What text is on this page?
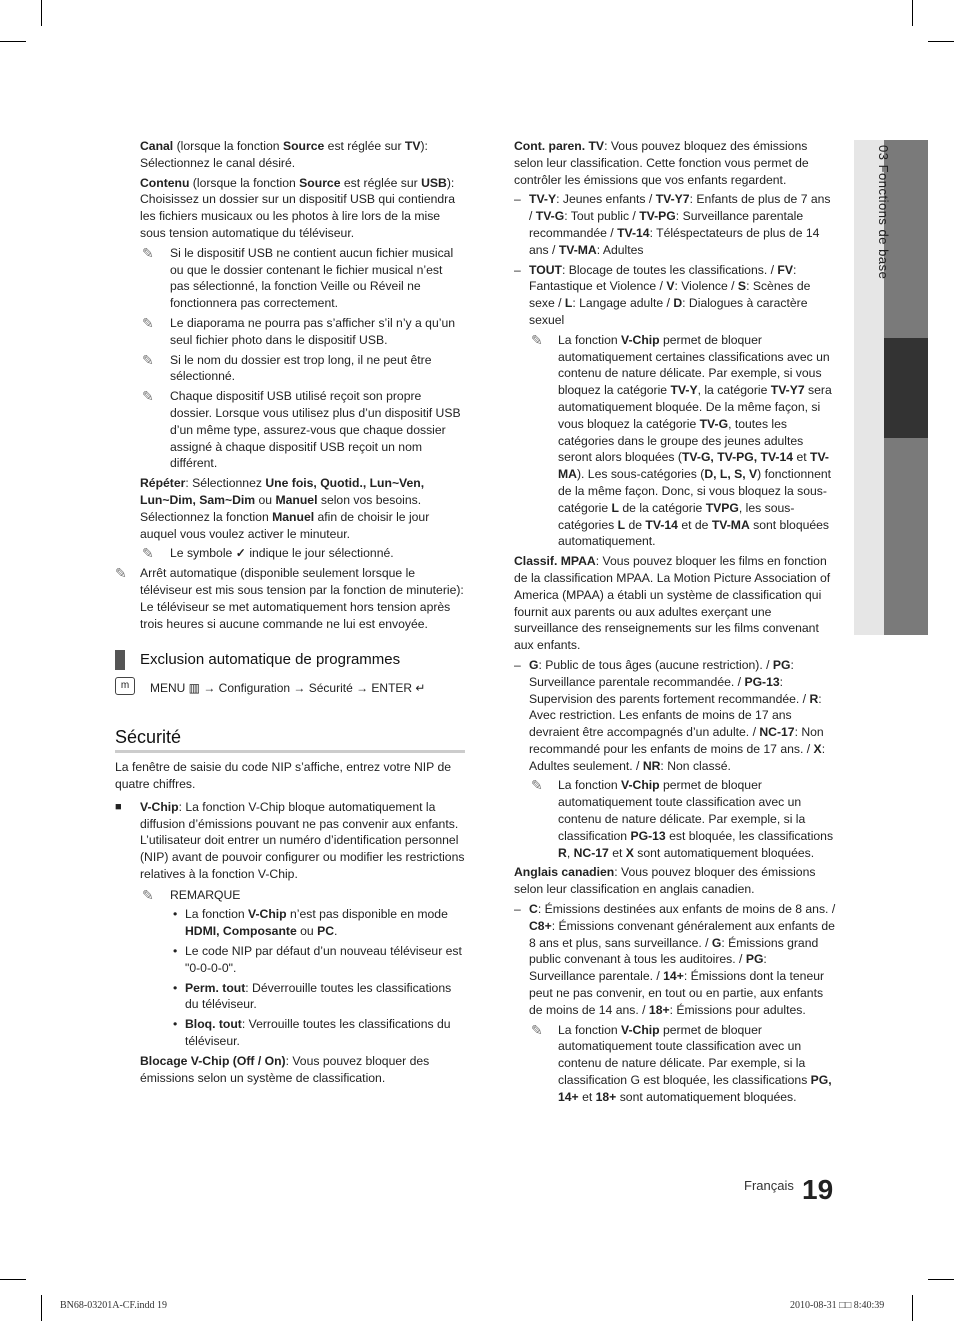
03 Fonctions de base

Canal (lorsque la fonction Source est réglée sur TV): Sélectionnez le canal désiré.

Contenu (lorsque la fonction Source est réglée sur USB): Choisissez un dossier sur un dispositif USB qui contiendra les fichiers musicaux ou les photos à lire lors de la mise sous tension automatique du téléviseur.

✎ Si le dispositif USB ne contient aucun fichier musical ou que le dossier contenant le fichier musical n’est pas sélectionné, la fonction Veille ou Réveil ne fonctionnera pas correctement.
✎ Le diaporama ne pourra pas s’afficher s’il n’y a qu’un seul fichier photo dans le dispositif USB.
✎ Si le nom du dossier est trop long, il ne peut être sélectionné.
✎ Chaque dispositif USB utilisé reçoit son propre dossier. Lorsque vous utilisez plus d’un dispositif USB d’un même type, assurez-vous que chaque dossier assigné à chaque dispositif USB reçoit un nom différent.

Répéter: Sélectionnez Une fois, Quotid., Lun~Ven, Lun~Dim, Sam~Dim ou Manuel selon vos besoins. Sélectionnez la fonction Manuel afin de choisir le jour auquel vous voulez activer le minuteur.

✎ Le symbole ✓ indique le jour sélectionné.
✎ Arrêt automatique (disponible seulement lorsque le téléviseur est mis sous tension par la fonction de minuterie): Le téléviseur se met automatiquement hors tension après trois heures si aucune commande ne lui est envoyée.
Exclusion automatique de programmes
m	MENU ▥ → Configuration → Sécurité → ENTER ↵
Sécurité

La fenêtre de saisie du code NIP s’affiche, entrez votre NIP de quatre chiffres.

■ V-Chip: La fonction V-Chip bloque automatiquement la diffusion d’émissions pouvant ne pas convenir aux enfants. L’utilisateur doit entrer un numéro d’identification personnel (NIP) avant de pouvoir configurer ou modifier les restrictions relatives à la fonction V-Chip.
✎ REMARQUE
• La fonction V-Chip n’est pas disponible en mode HDMI, Composante ou PC.
• Le code NIP par défaut d’un nouveau téléviseur est "0-0-0-0".
• Perm. tout: Déverrouille toutes les classifications du téléviseur.
• Bloq. tout: Verrouille toutes les classifications du téléviseur.

Blocage V-Chip (Off / On): Vous pouvez bloquer des émissions selon un système de classification.

Cont. paren. TV: Vous pouvez bloquez des émissions selon leur classification. Cette fonction vous permet de contrôler les émissions que vos enfants regardent.

– TV-Y: Jeunes enfants / TV-Y7: Enfants de plus de 7 ans / TV-G: Tout public / TV-PG: Surveillance parentale recommandée / TV-14: Téléspectateurs de plus de 14 ans / TV-MA: Adultes
– TOUT: Blocage de toutes les classifications. / FV: Fantastique et Violence / V: Violence / S: Scènes de sexe / L: Langage adulte / D: Dialogues à caractère sexuel
✎ La fonction V-Chip permet de bloquer automatiquement certaines classifications avec un contenu de nature délicate. Par exemple, si vous bloquez la catégorie TV-Y, la catégorie TV-Y7 sera automatiquement bloquée. De la même façon, si vous bloquez la catégorie TV-G, toutes les catégories dans le groupe des jeunes adultes seront alors bloquées (TV-G, TV-PG, TV-14 et TV-MA). Les sous-catégories (D, L, S, V) fonctionnent de la même façon. Donc, si vous bloquez la sous-catégorie L de la catégorie TVPG, les sous-catégories L de TV-14 et de TV-MA sont bloquées automatiquement.

Classif. MPAA: Vous pouvez bloquer les films en fonction de la classification MPAA. La Motion Picture Association of America (MPAA) a établi un système de classification qui fournit aux parents ou aux adultes exerçant une surveillance des renseignements sur les films convenant aux enfants.

– G: Public de tous âges (aucune restriction). / PG: Surveillance parentale recommandée. / PG-13: Supervision des parents fortement recommandée. / R: Avec restriction. Les enfants de moins de 17 ans devraient être accompagnés d’un adulte. / NC-17: Non recommandé pour les enfants de moins de 17 ans. / X: Adultes seulement. / NR: Non classé.
✎ La fonction V-Chip permet de bloquer automatiquement toute classification avec un contenu de nature délicate. Par exemple, si la classification PG-13 est bloquée, les classifications R, NC-17 et X sont automatiquement bloquées.

Anglais canadien: Vous pouvez bloquer des émissions selon leur classification en anglais canadien.

– C: Émissions destinées aux enfants de moins de 8 ans. / C8+: Émissions convenant généralement aux enfants de 8 ans et plus, sans surveillance. / G: Émissions grand public convenant à tous les auditoires. / PG: Surveillance parentale. / 14+: Émissions dont la teneur peut ne pas convenir, en tout ou en partie, aux enfants de moins de 14 ans. / 18+: Émissions pour adultes.
✎ La fonction V-Chip permet de bloquer automatiquement toute classification avec un contenu de nature délicate. Par exemple, si la classification G est bloquée, les classifications PG, 14+ et 18+ sont automatiquement bloquées.
Français 19
BN68-03201A-CF.indd 19	2010-08-31 □□ 8:40:39
